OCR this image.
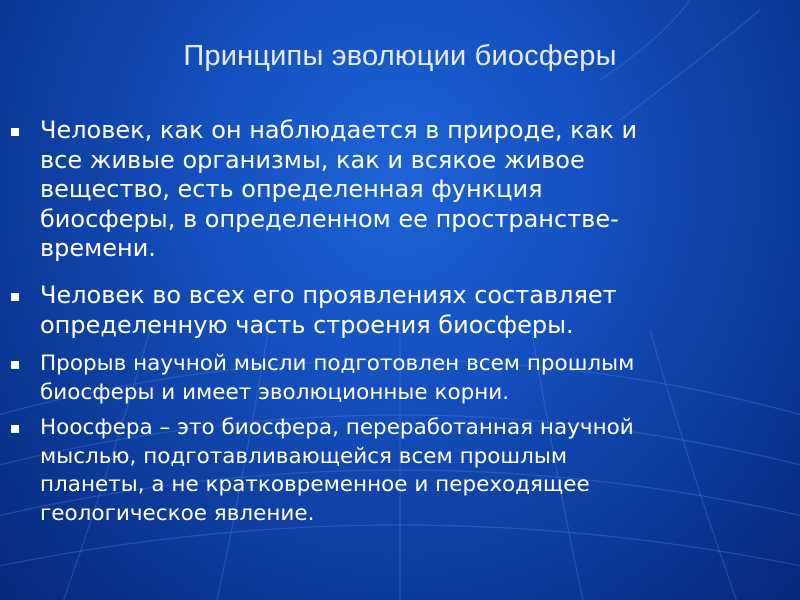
Принципы эволюции биосферы
Человек, как он наблюдается в природе, как и
все живые организмы, как и всякое живое
вещество, есть определенная функция
биосферы, в определенном ее пространстве-
времени.
Человек во всех его проявлениях составляет
определенную часть строения биосферы.
Прорыв научной мысли подготовлен всем прошлым
биосферы и имеет эволюционные корни.
Ноосфера – это биосфера, переработанная научной
мыслью, подготавливающейся всем прошлым
планеты, а не кратковременное и переходящее
геологическое явление.
